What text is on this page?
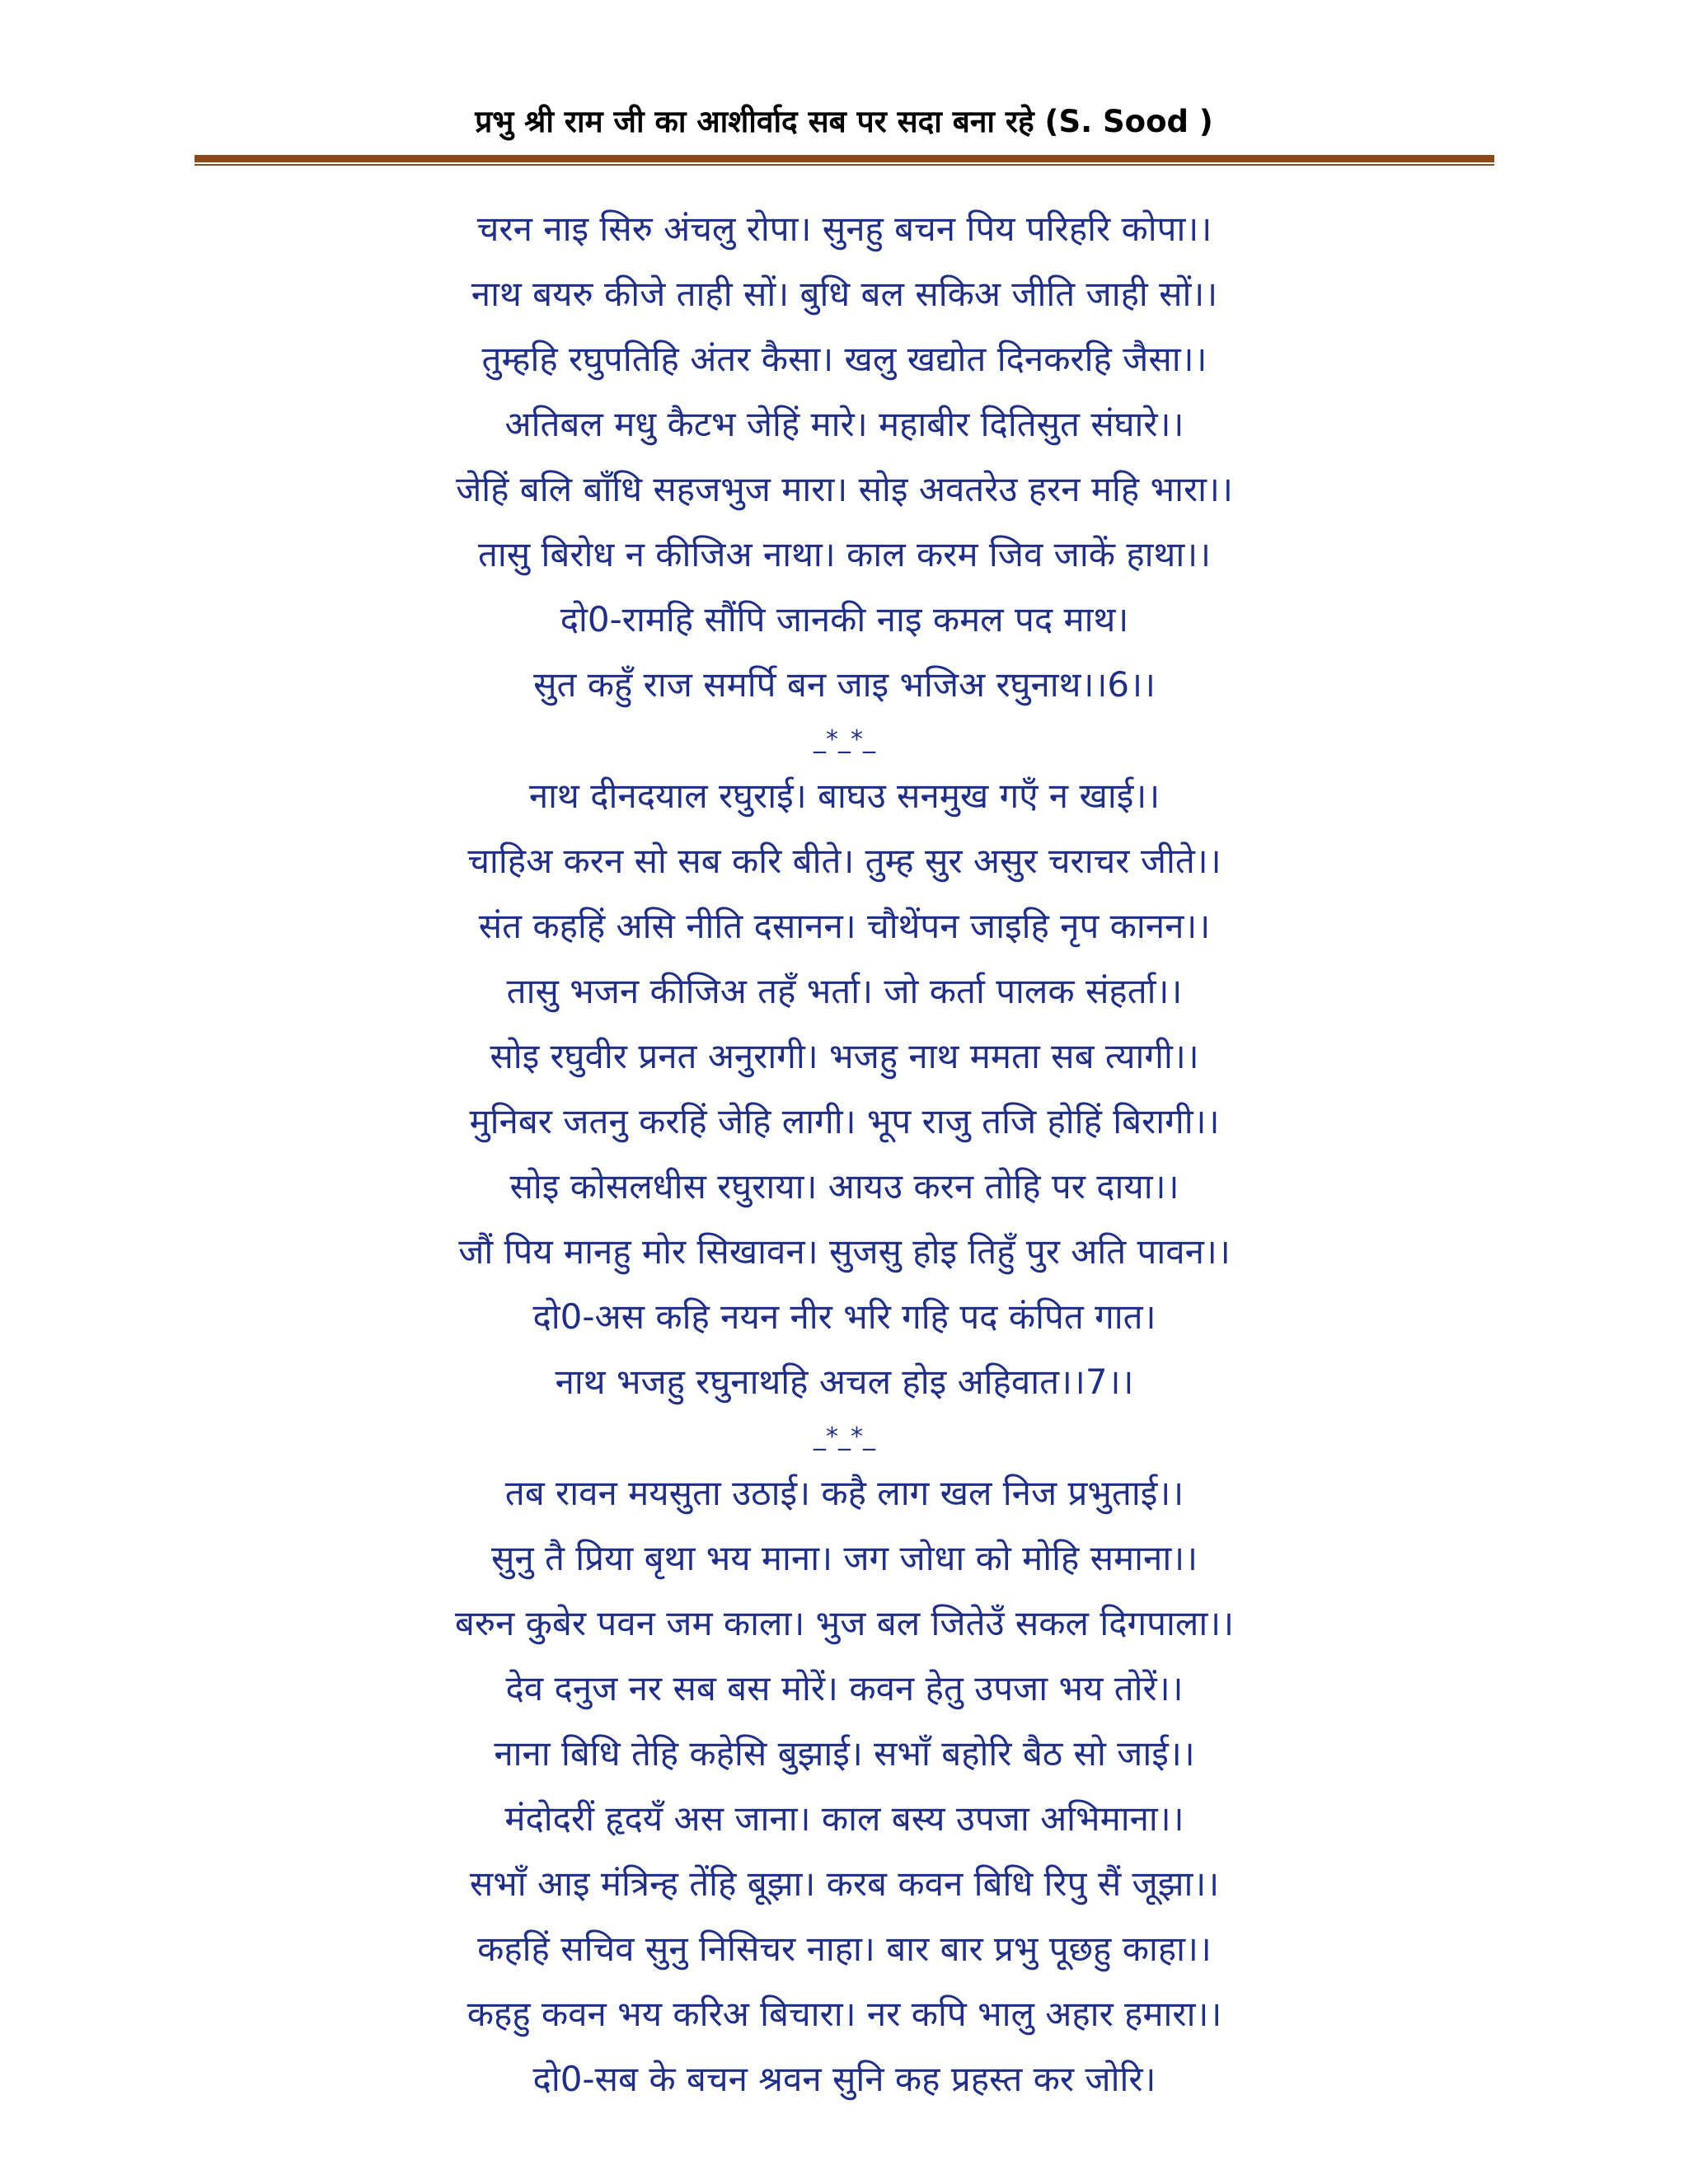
प्रभु श्री राम जी का आशीर्वाद सब पर सदा बना रहे (S. Sood )
चरन नाइ सिरु अंचलु रोपा। सुनहु बचन पिय परिहरि कोपा।।
नाथ बयरु कीजे ताही सों। बुधि बल सकिअ जीति जाही सों।।
तुम्हहि रघुपतिहि अंतर कैसा। खलु खद्योत दिनकरहि जैसा।।
अतिबल मधु कैटभ जेहिं मारे। महाबीर दितिसुत संघारे।।
जेहिं बलि बाँधि सहजभुज मारा। सोइ अवतरेउ हरन महि भारा।।
तासु बिरोध न कीजिअ नाथा। काल करम जिव जाकें हाथा।।
दो0-रामहि सौंपि जानकी नाइ कमल पद माथ।
सुत कहुँ राज समर्पि बन जाइ भजिअ रघुनाथ।।6।।
_*_*_
नाथ दीनदयाल रघुराई। बाघउ सनमुख गएँ न खाई।।
चाहिअ करन सो सब करि बीते। तुम्ह सुर असुर चराचर जीते।।
संत कहहिं असि नीति दसानन। चौथेंपन जाइहि नृप कानन।।
तासु भजन कीजिअ तहँ भर्ता। जो कर्ता पालक संहर्ता।।
सोइ रघुवीर प्रनत अनुरागी। भजहु नाथ ममता सब त्यागी।।
मुनिबर जतनु करहिं जेहि लागी। भूप राजु तजि होहिं बिरागी।।
सोइ कोसलधीस रघुराया। आयउ करन तोहि पर दाया।।
जौं पिय मानहु मोर सिखावन। सुजसु होइ तिहुँ पुर अति पावन।।
दो0-अस कहि नयन नीर भरि गहि पद कंपित गात।
नाथ भजहु रघुनाथहि अचल होइ अहिवात।।7।।
_*_*_
तब रावन मयसुता उठाई। कहै लाग खल निज प्रभुताई।।
सुनु तै प्रिया बृथा भय माना। जग जोधा को मोहि समाना।।
बरुन कुबेर पवन जम काला। भुज बल जितेउँ सकल दिगपाला।।
देव दनुज नर सब बस मोरें। कवन हेतु उपजा भय तोरें।।
नाना बिधि तेहि कहेसि बुझाई। सभाँ बहोरि बैठ सो जाई।।
मंदोदरीं हृदयँ अस जाना। काल बस्य उपजा अभिमाना।।
सभाँ आइ मंत्रिन्ह तेंहि बूझा। करब कवन बिधि रिपु सैं जूझा।।
कहहिं सचिव सुनु निसिचर नाहा। बार बार प्रभु पूछहु काहा।।
कहहु कवन भय करिअ बिचारा। नर कपि भालु अहार हमारा।।
दो0-सब के बचन श्रवन सुनि कह प्रहस्त कर जोरि।
